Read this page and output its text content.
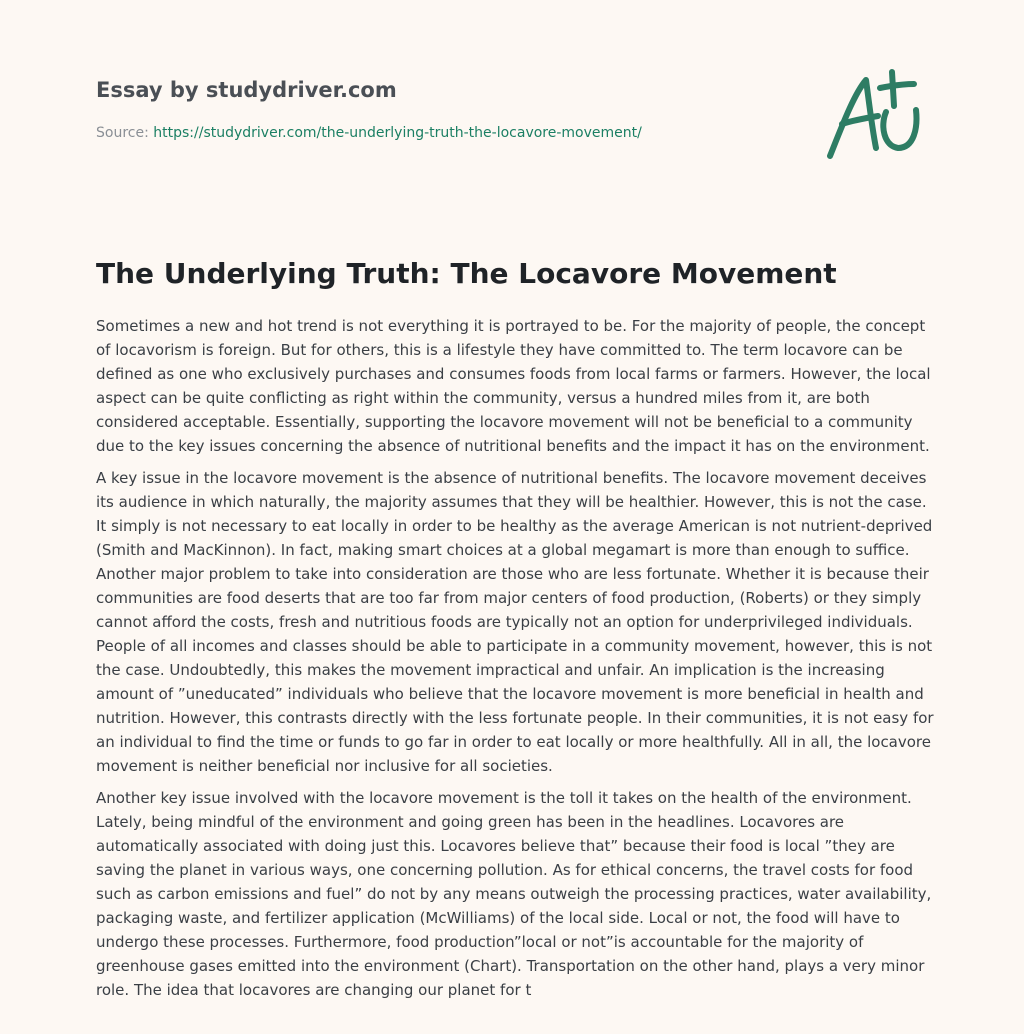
Essay by studydriver.com
Source: https://studydriver.com/the-underlying-truth-the-locavore-movement/
The Underlying Truth: The Locavore Movement

Sometimes a new and hot trend is not everything it is portrayed to be. For the majority of people, the concept of locavorism is foreign. But for others, this is a lifestyle they have committed to. The term locavore can be defined as one who exclusively purchases and consumes foods from local farms or farmers. However, the local aspect can be quite conflicting as right within the community, versus a hundred miles from it, are both considered acceptable. Essentially, supporting the locavore movement will not be beneficial to a community due to the key issues concerning the absence of nutritional benefits and the impact it has on the environment.

A key issue in the locavore movement is the absence of nutritional benefits. The locavore movement deceives its audience in which naturally, the majority assumes that they will be healthier. However, this is not the case. It simply is not necessary to eat locally in order to be healthy as the average American is not nutrient-deprived (Smith and MacKinnon). In fact, making smart choices at a global megamart is more than enough to suffice. Another major problem to take into consideration are those who are less fortunate. Whether it is because their communities are food deserts that are too far from major centers of food production, (Roberts) or they simply cannot afford the costs, fresh and nutritious foods are typically not an option for underprivileged individuals. People of all incomes and classes should be able to participate in a community movement, however, this is not the case. Undoubtedly, this makes the movement impractical and unfair. An implication is the increasing amount of ”uneducated” individuals who believe that the locavore movement is more beneficial in health and nutrition. However, this contrasts directly with the less fortunate people. In their communities, it is not easy for an individual to find the time or funds to go far in order to eat locally or more healthfully. All in all, the locavore movement is neither beneficial nor inclusive for all societies.

Another key issue involved with the locavore movement is the toll it takes on the health of the environment. Lately, being mindful of the environment and going green has been in the headlines. Locavores are automatically associated with doing just this. Locavores believe that” because their food is local ”they are saving the planet in various ways, one concerning pollution. As for ethical concerns, the travel costs for food such as carbon emissions and fuel” do not by any means outweigh the processing practices, water availability, packaging waste, and fertilizer application (McWilliams) of the local side. Local or not, the food will have to undergo these processes. Furthermore, food production”local or not”is accountable for the majority of greenhouse gases emitted into the environment (Chart). Transportation on the other hand, plays a very minor role. The idea that locavores are changing our planet for t
